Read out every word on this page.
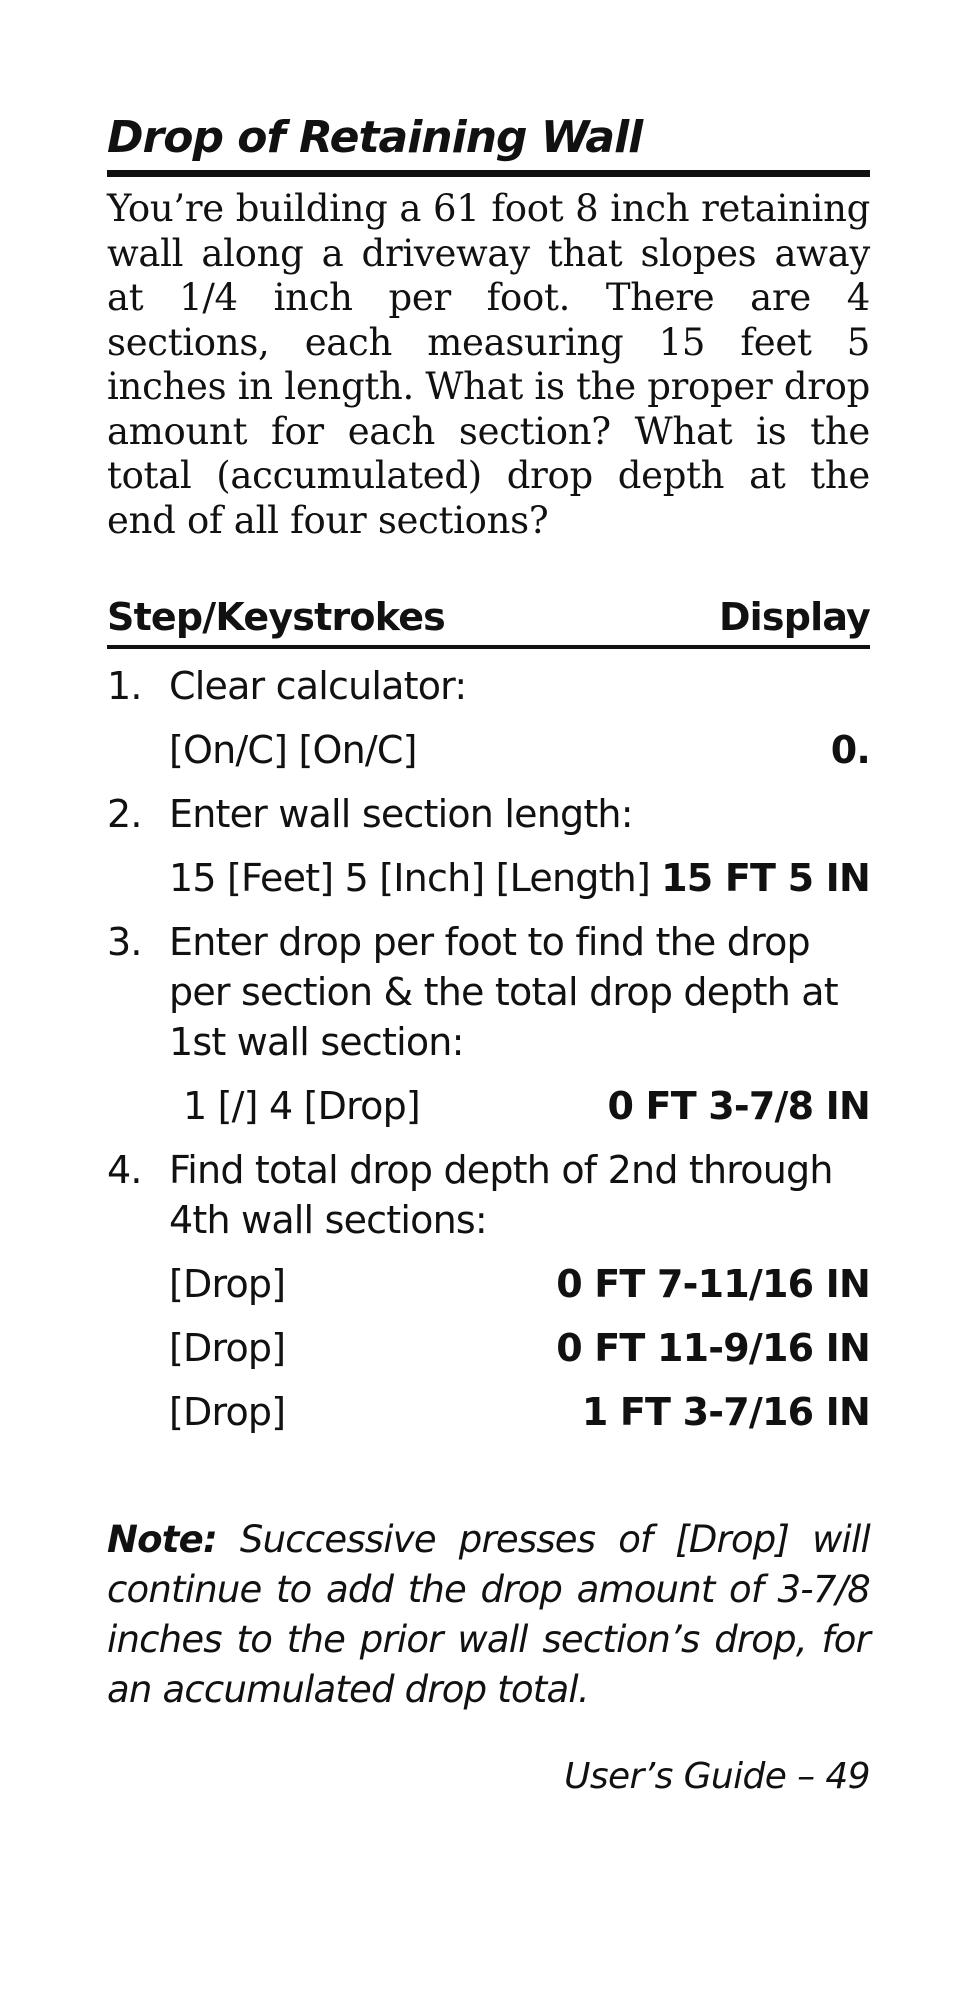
Drop of Retaining Wall

You’re building a 61 foot 8 inch retaining wall along a driveway that slopes away at 1/4 inch per foot. There are 4 sections, each measuring 15 feet 5 inches in length. What is the proper drop amount for each section? What is the total (accumulated) drop depth at the end of all four sections?

Step/Keystrokes	Display
1. Clear calculator:
[On/C] [On/C]	0.
2. Enter wall section length:
15 [Feet] 5 [Inch] [Length] 15 FT 5 IN
3. Enter drop per foot to find the drop per section & the total drop depth at 1st wall section:
1 [/] 4 [Drop]	0 FT 3-7/8 IN
4. Find total drop depth of 2nd through 4th wall sections:
[Drop]	0 FT 7-11/16 IN
[Drop]	0 FT 11-9/16 IN
[Drop]	1 FT 3-7/16 IN

Note: Successive presses of [Drop] will continue to add the drop amount of 3-7/8 inches to the prior wall section’s drop, for an accumulated drop total.

User’s Guide – 49
